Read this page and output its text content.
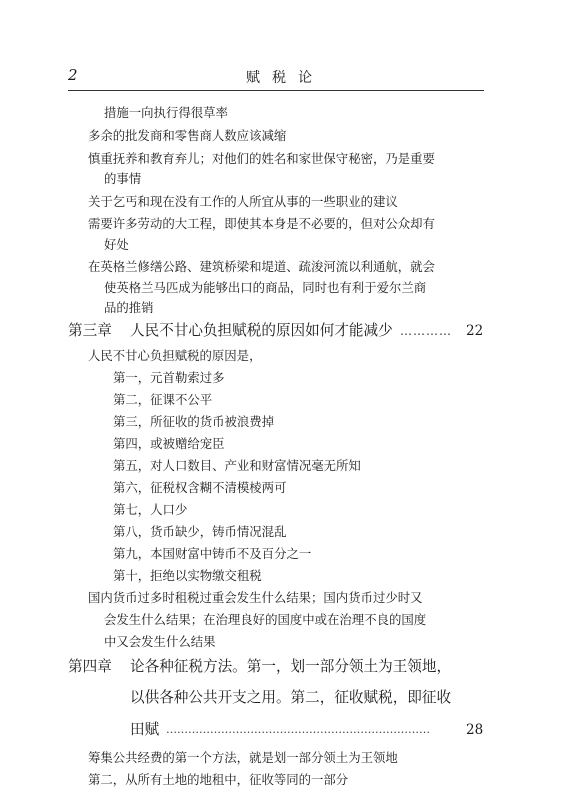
2	赋税论
措施一向执行得很草率
多余的批发商和零售商人数应该减缩
慎重抚养和教育弃儿；对他们的姓名和家世保守秘密，乃是重要
的事情
关于乞丐和现在没有工作的人所宜从事的一些职业的建议
需要许多劳动的大工程，即使其本身是不必要的，但对公众却有
好处
在英格兰修缮公路、建筑桥梁和堤道、疏浚河流以利通航，就会
使英格兰马匹成为能够出口的商品，同时也有利于爱尔兰商
品的推销
第三章 人民不甘心负担赋税的原因如何才能减少 ………… 22
人民不甘心负担赋税的原因是，
第一，元首勒索过多
第二，征课不公平
第三，所征收的货币被浪费掉
第四，或被赠给宠臣
第五，对人口数目、产业和财富情况毫无所知
第六，征税权含糊不清模棱两可
第七，人口少
第八，货币缺少，铸币情况混乱
第九，本国财富中铸币不及百分之一
第十，拒绝以实物缴交租税
国内货币过多时租税过重会发生什么结果；国内货币过少时又
会发生什么结果；在治理良好的国度中或在治理不良的国度
中又会发生什么结果
第四章 论各种征税方法。第一，划一部分领土为王领地，
以供各种公共开支之用。第二，征收赋税，即征收
田赋 ………………………………………………………………	28
筹集公共经费的第一个方法，就是划一部分领土为王领地
第二，从所有土地的地租中，征收等同的一部分
